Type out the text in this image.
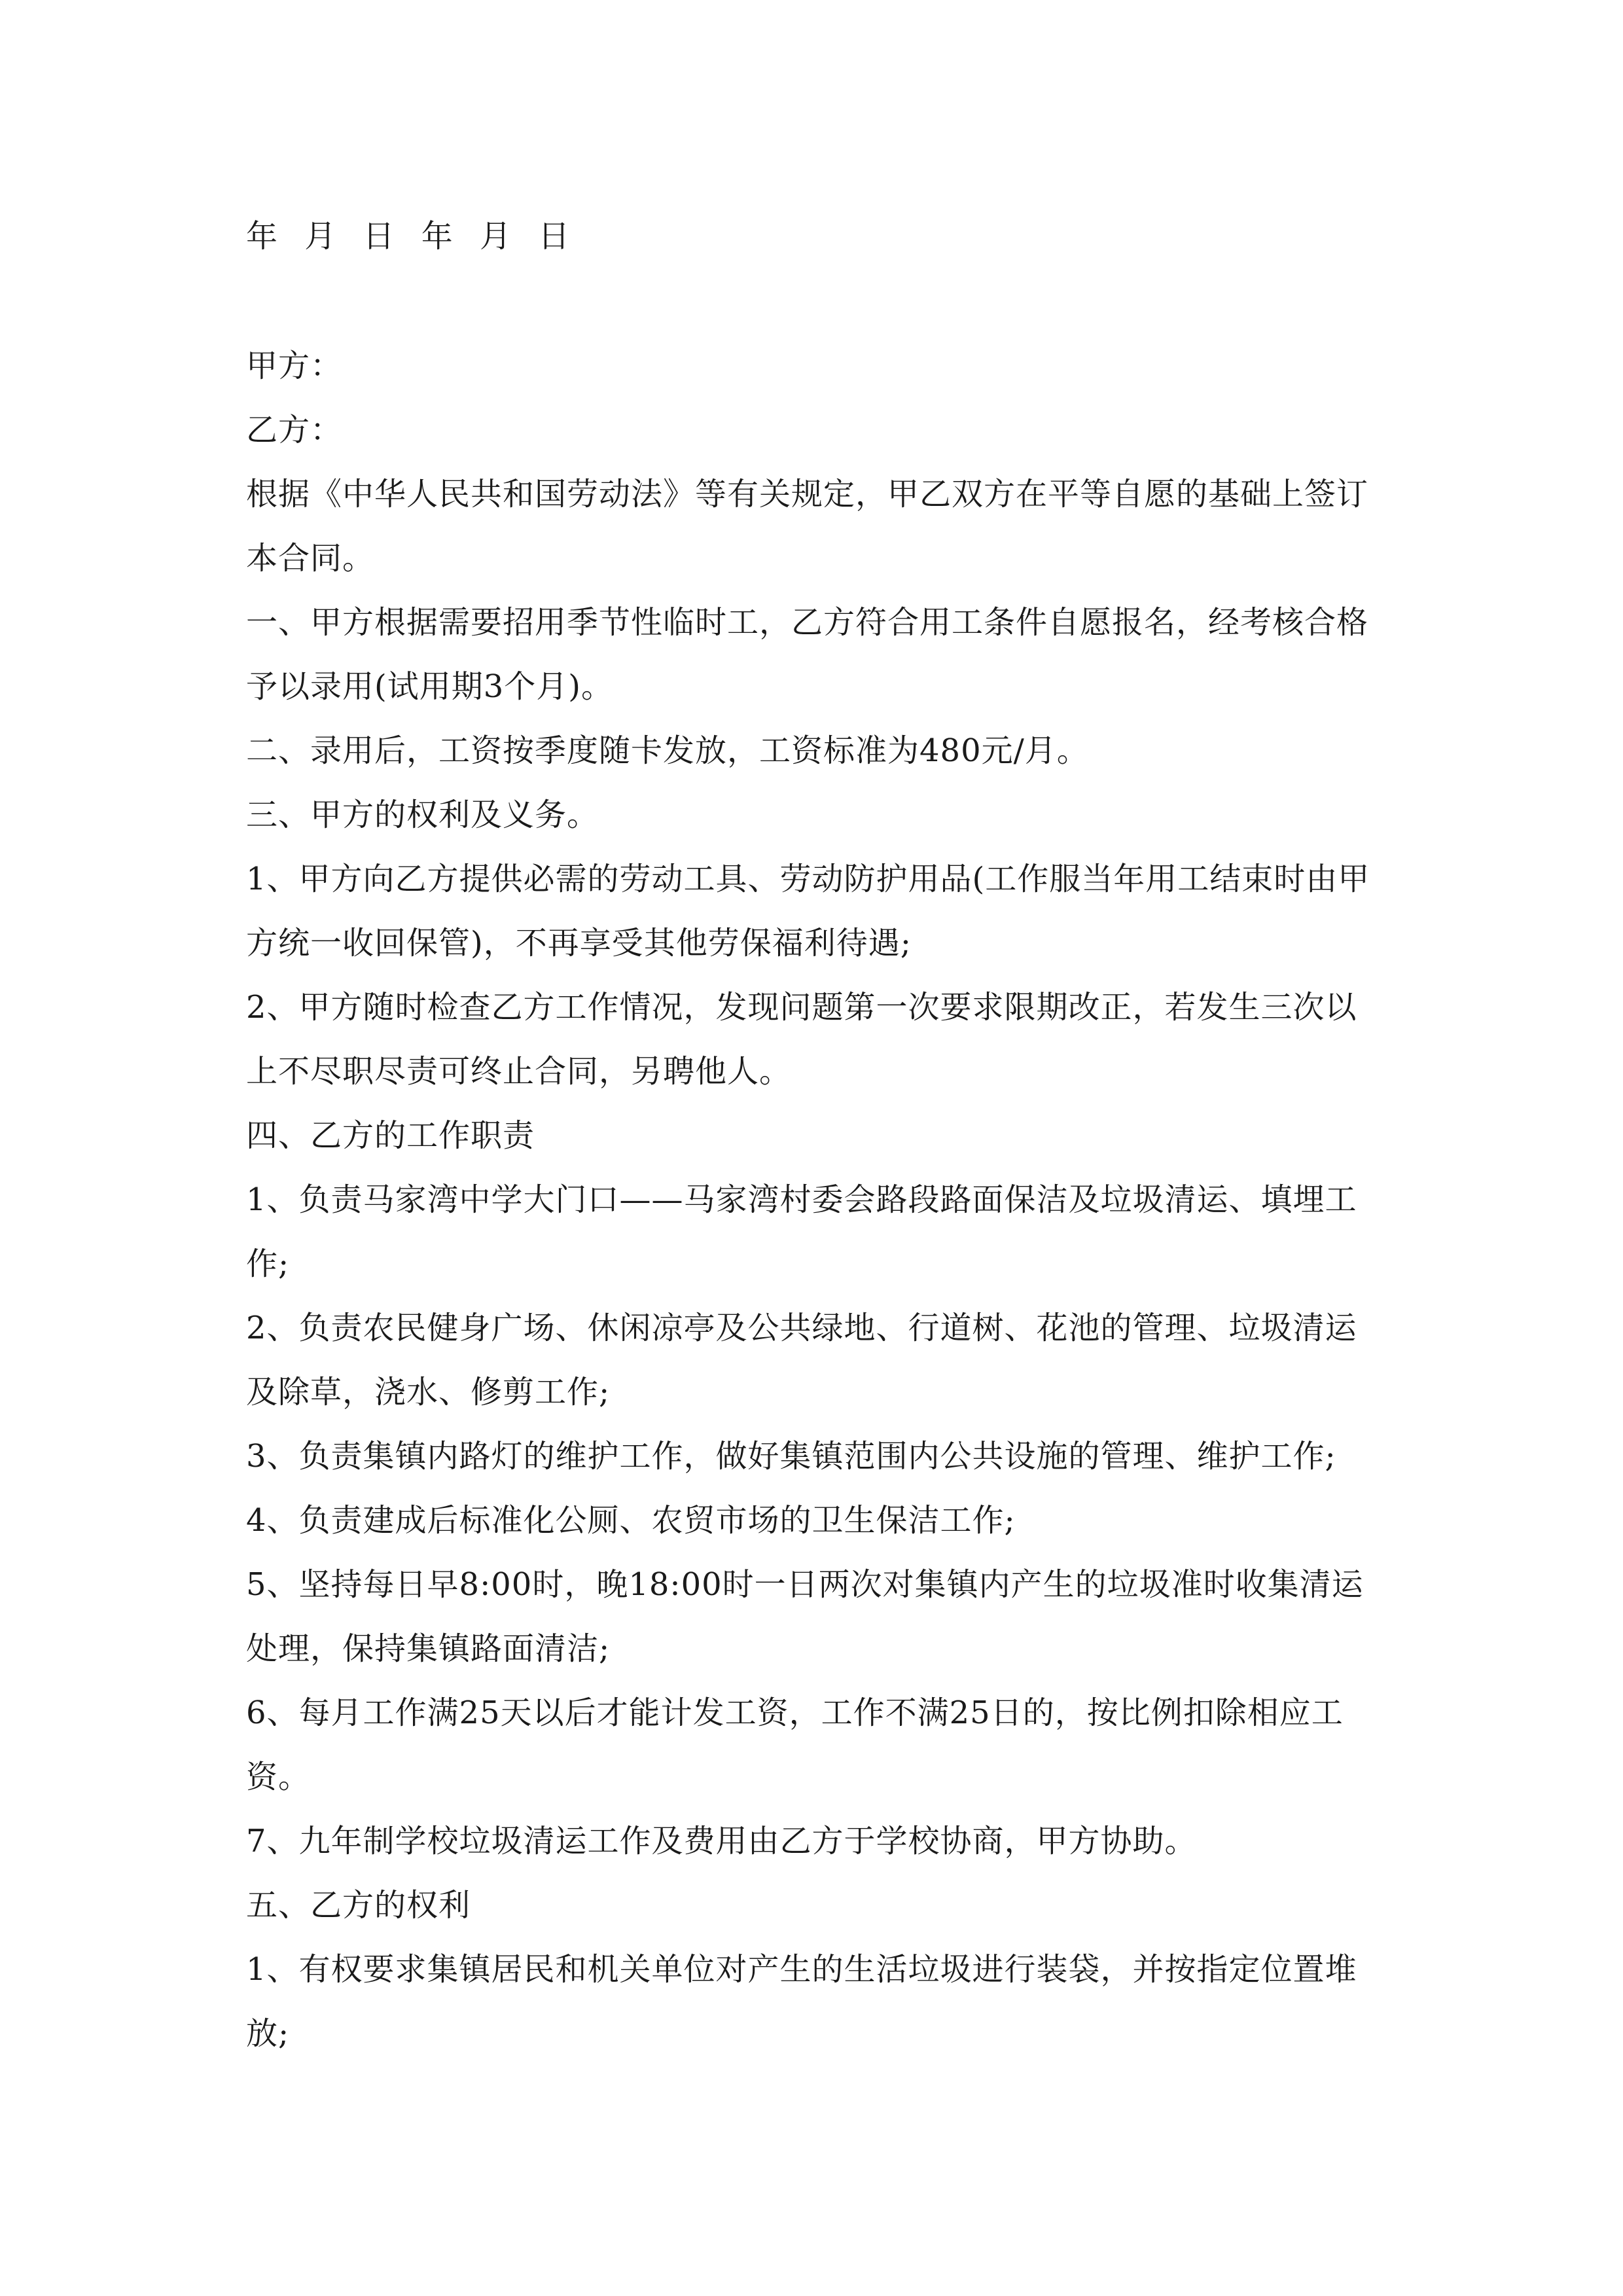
年 月 日 年 月 日

甲方：

乙方：

根据《中华人民共和国劳动法》等有关规定，甲乙双方在平等自愿的基础上签订本合同。

一、甲方根据需要招用季节性临时工，乙方符合用工条件自愿报名，经考核合格予以录用(试用期3个月)。

二、录用后，工资按季度随卡发放，工资标准为480元/月。

三、甲方的权利及义务。

1、甲方向乙方提供必需的劳动工具、劳动防护用品(工作服当年用工结束时由甲方统一收回保管)，不再享受其他劳保福利待遇;

2、甲方随时检查乙方工作情况，发现问题第一次要求限期改正，若发生三次以上不尽职尽责可终止合同，另聘他人。

四、乙方的工作职责

1、负责马家湾中学大门口——马家湾村委会路段路面保洁及垃圾清运、填埋工作;

2、负责农民健身广场、休闲凉亭及公共绿地、行道树、花池的管理、垃圾清运及除草，浇水、修剪工作;

3、负责集镇内路灯的维护工作，做好集镇范围内公共设施的管理、维护工作;

4、负责建成后标准化公厕、农贸市场的卫生保洁工作;

5、坚持每日早8:00时，晚18:00时一日两次对集镇内产生的垃圾准时收集清运处理，保持集镇路面清洁;

6、每月工作满25天以后才能计发工资，工作不满25日的，按比例扣除相应工资。

7、九年制学校垃圾清运工作及费用由乙方于学校协商，甲方协助。

五、乙方的权利

1、有权要求集镇居民和机关单位对产生的生活垃圾进行装袋，并按指定位置堆放;
